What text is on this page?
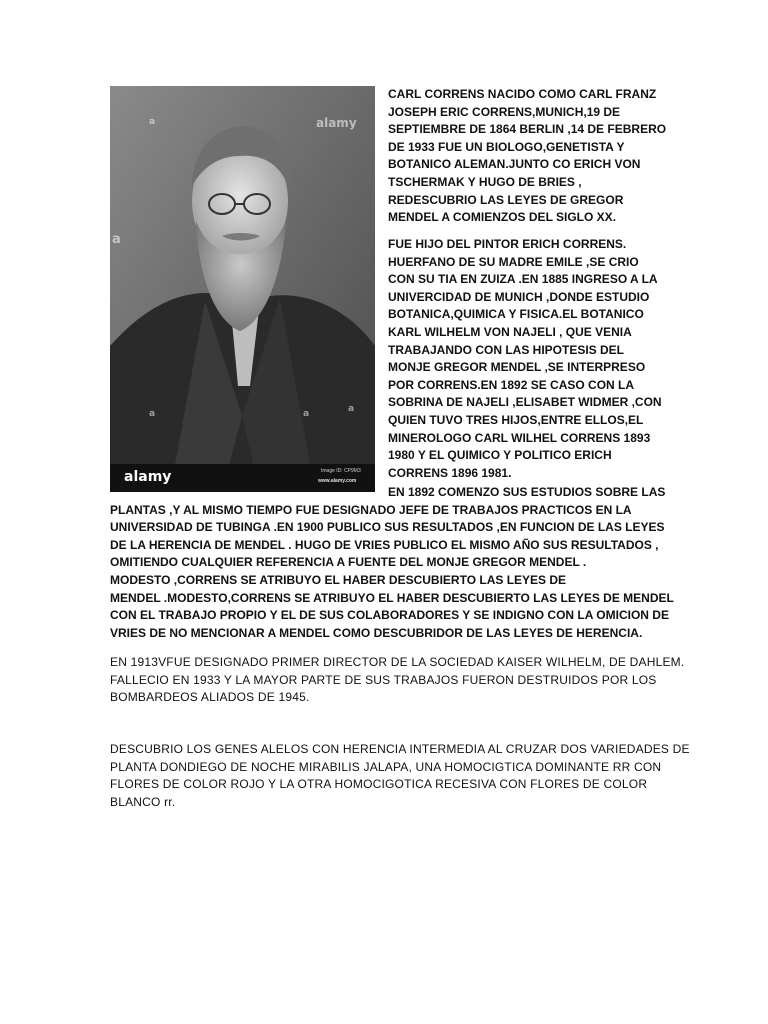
alamy
a
a
a	a	a
alamy	Image ID: CP9M3
www.alamy.com
CARL CORRENS NACIDO COMO CARL FRANZ
JOSEPH ERIC CORRENS,MUNICH,19 DE
SEPTIEMBRE DE 1864 BERLIN ,14 DE FEBRERO
DE 1933 FUE UN BIOLOGO,GENETISTA Y
BOTANICO ALEMAN.JUNTO CO ERICH VON
TSCHERMAK Y HUGO DE BRIES ,
REDESCUBRIO LAS LEYES DE GREGOR
MENDEL A COMIENZOS DEL SIGLO XX.
FUE HIJO DEL PINTOR ERICH CORRENS.
HUERFANO DE SU MADRE EMILE ,SE CRIO
CON SU TIA EN ZUIZA .EN 1885 INGRESO A LA
UNIVERCIDAD DE MUNICH ,DONDE ESTUDIO
BOTANICA,QUIMICA Y FISICA.EL BOTANICO
KARL WILHELM VON NAJELI , QUE VENIA
TRABAJANDO CON LAS HIPOTESIS DEL
MONJE GREGOR MENDEL ,SE INTERPRESO
POR CORRENS.EN 1892 SE CASO CON LA
SOBRINA DE NAJELI ,ELISABET WIDMER ,CON
QUIEN TUVO TRES HIJOS,ENTRE ELLOS,EL
MINEROLOGO CARL WILHEL CORRENS 1893
1980 Y EL QUIMICO Y POLITICO ERICH
CORRENS 1896 1981.
EN 1892 COMENZO SUS ESTUDIOS SOBRE LAS
PLANTAS ,Y AL MISMO TIEMPO FUE DESIGNADO JEFE DE TRABAJOS PRACTICOS EN LA
UNIVERSIDAD DE TUBINGA .EN 1900 PUBLICO SUS RESULTADOS ,EN FUNCION DE LAS LEYES
DE LA HERENCIA DE MENDEL . HUGO DE VRIES PUBLICO EL MISMO AÑO SUS RESULTADOS ,
OMITIENDO CUALQUIER REFERENCIA A FUENTE DEL MONJE GREGOR MENDEL .
MODESTO ,CORRENS SE ATRIBUYO EL HABER DESCUBIERTO LAS LEYES DE
MENDEL .MODESTO,CORRENS SE ATRIBUYO EL HABER DESCUBIERTO LAS LEYES DE MENDEL
CON EL TRABAJO PROPIO Y EL DE SUS COLABORADORES Y SE INDIGNO CON LA OMICION DE
VRIES DE NO MENCIONAR A MENDEL COMO DESCUBRIDOR DE LAS LEYES DE HERENCIA.
EN 1913VFUE DESIGNADO PRIMER DIRECTOR DE LA SOCIEDAD KAISER WILHELM, DE DAHLEM.
FALLECIO EN 1933 Y LA MAYOR PARTE DE SUS TRABAJOS FUERON DESTRUIDOS POR LOS
BOMBARDEOS ALIADOS DE 1945.
DESCUBRIO LOS GENES ALELOS CON HERENCIA INTERMEDIA AL CRUZAR DOS VARIEDADES DE
PLANTA DONDIEGO DE NOCHE MIRABILIS JALAPA, UNA HOMOCIGTICA DOMINANTE RR CON
FLORES DE COLOR ROJO Y LA OTRA HOMOCIGOTICA RECESIVA CON FLORES DE COLOR
BLANCO rr.
